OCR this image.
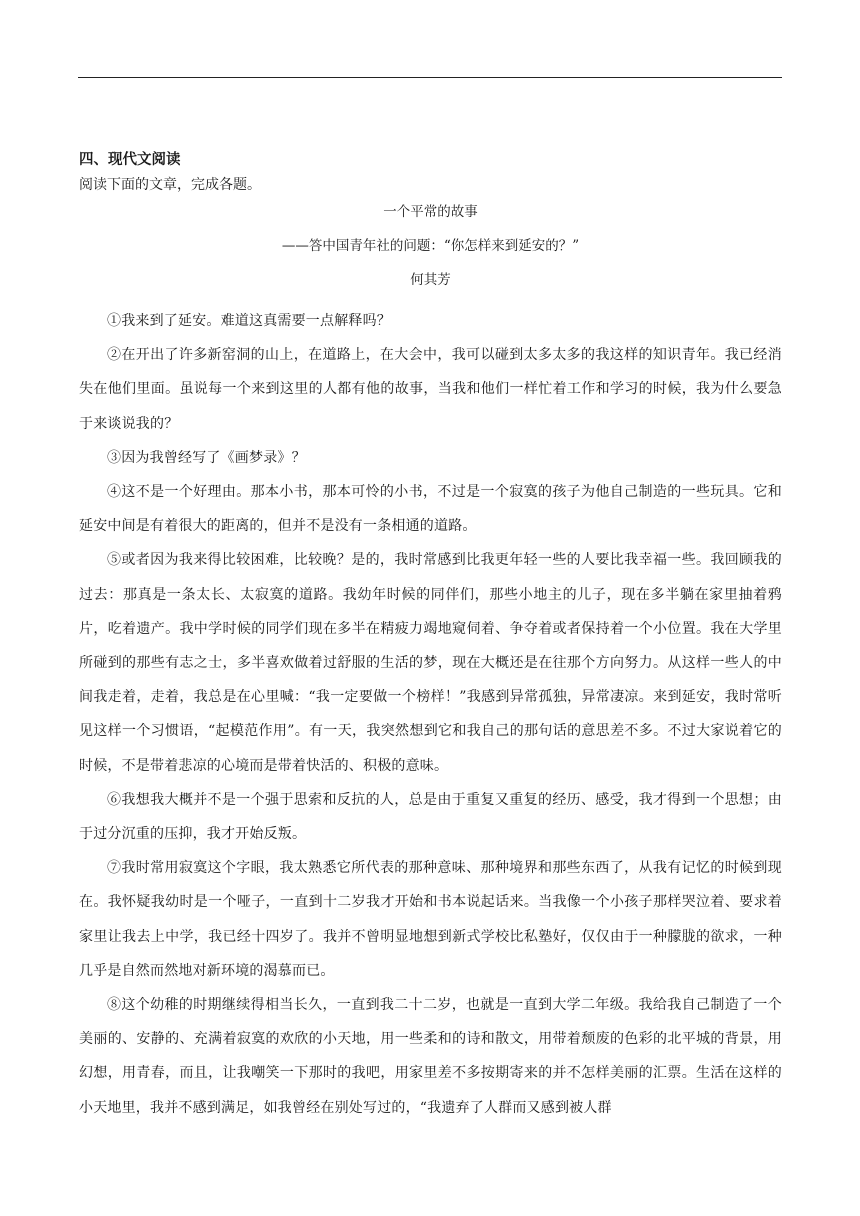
四、现代文阅读

阅读下面的文章，完成各题。

一个平常的故事

——答中国青年社的问题：“你怎样来到延安的？”

何其芳

①我来到了延安。难道这真需要一点解释吗？

②在开出了许多新窑洞的山上，在道路上，在大会中，我可以碰到太多太多的我这样的知识青年。我已经消失在他们里面。虽说每一个来到这里的人都有他的故事，当我和他们一样忙着工作和学习的时候，我为什么要急于来谈说我的？

③因为我曾经写了《画梦录》？

④这不是一个好理由。那本小书，那本可怜的小书，不过是一个寂寞的孩子为他自己制造的一些玩具。它和延安中间是有着很大的距离的，但并不是没有一条相通的道路。

⑤或者因为我来得比较困难，比较晚？是的，我时常感到比我更年轻一些的人要比我幸福一些。我回顾我的过去：那真是一条太长、太寂寞的道路。我幼年时候的同伴们，那些小地主的儿子，现在多半躺在家里抽着鸦片，吃着遗产。我中学时候的同学们现在多半在精疲力竭地窥伺着、争夺着或者保持着一个小位置。我在大学里所碰到的那些有志之士，多半喜欢做着过舒服的生活的梦，现在大概还是在往那个方向努力。从这样一些人的中间我走着，走着，我总是在心里喊：“我一定要做一个榜样！”我感到异常孤独，异常凄凉。来到延安，我时常听见这样一个习惯语，“起模范作用”。有一天，我突然想到它和我自己的那句话的意思差不多。不过大家说着它的时候，不是带着悲凉的心境而是带着快活的、积极的意味。

⑥我想我大概并不是一个强于思索和反抗的人，总是由于重复又重复的经历、感受，我才得到一个思想；由于过分沉重的压抑，我才开始反叛。

⑦我时常用寂寞这个字眼，我太熟悉它所代表的那种意味、那种境界和那些东西了，从我有记忆的时候到现在。我怀疑我幼时是一个哑子，一直到十二岁我才开始和书本说起话来。当我像一个小孩子那样哭泣着、要求着家里让我去上中学，我已经十四岁了。我并不曾明显地想到新式学校比私塾好，仅仅由于一种朦胧的欲求，一种几乎是自然而然地对新环境的渴慕而已。

⑧这个幼稚的时期继续得相当长久，一直到我二十二岁，也就是一直到大学二年级。我给我自己制造了一个美丽的、安静的、充满着寂寞的欢欣的小天地，用一些柔和的诗和散文，用带着颓废的色彩的北平城的背景，用幻想，用青春，而且，让我嘲笑一下那时的我吧，用家里差不多按期寄来的并不怎样美丽的汇票。生活在这样的小天地里，我并不感到满足，如我曾经在别处写过的，“我遗弃了人群而又感到被人群
